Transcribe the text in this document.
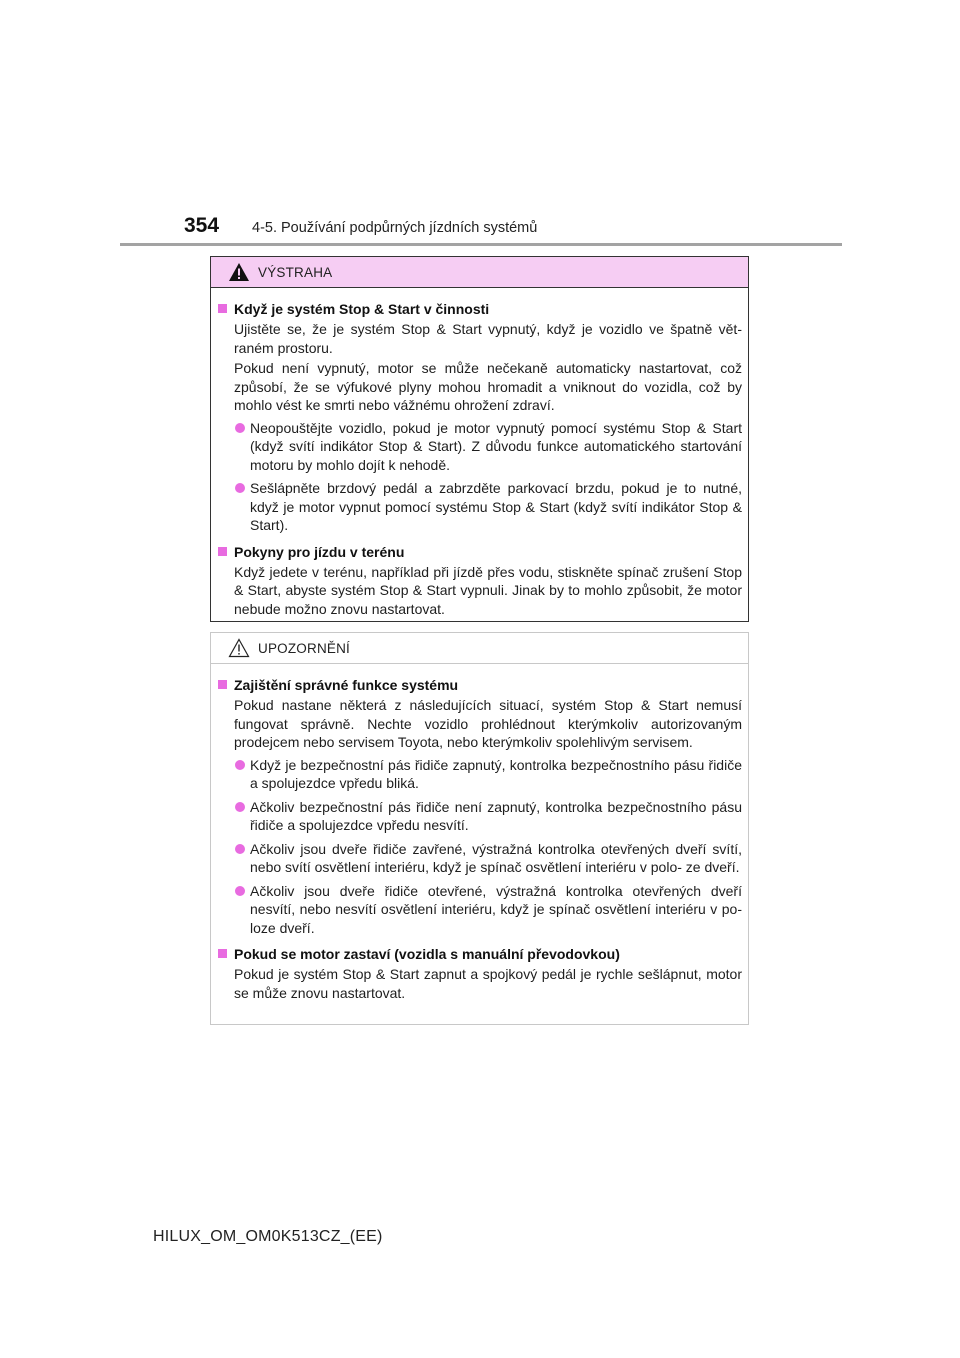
354 4-5. Používání podpůrných jízdních systémů
VÝSTRAHA
Když je systém Stop & Start v činnosti
Ujistěte se, že je systém Stop & Start vypnutý, když je vozidlo ve špatně vět- raném prostoru.
Pokud není vypnutý, motor se může nečekaně automaticky nastartovat, což způsobí, že se výfukové plyny mohou hromadit a vniknout do vozidla, což by mohlo vést ke smrti nebo vážnému ohrožení zdraví.
Neopouštějte vozidlo, pokud je motor vypnutý pomocí systému Stop & Start (když svítí indikátor Stop & Start). Z důvodu funkce automatického startování motoru by mohlo dojít k nehodě.
Sešlápněte brzdový pedál a zabrzděte parkovací brzdu, pokud je to nutné, když je motor vypnut pomocí systému Stop & Start (když svítí indikátor Stop & Start).
Pokyny pro jízdu v terénu
Když jedete v terénu, například při jízdě přes vodu, stiskněte spínač zrušení Stop & Start, abyste systém Stop & Start vypnuli. Jinak by to mohlo způsobit, že motor nebude možno znovu nastartovat.
UPOZORNĚNÍ
Zajištění správné funkce systému
Pokud nastane některá z následujících situací, systém Stop & Start nemusí fungovat správně. Nechte vozidlo prohlédnout kterýmkoliv autorizovaným prodejcem nebo servisem Toyota, nebo kterýmkoliv spolehlivým servisem.
Když je bezpečnostní pás řidiče zapnutý, kontrolka bezpečnostního pásu řidiče a spolujezdce vpředu bliká.
Ačkoliv bezpečnostní pás řidiče není zapnutý, kontrolka bezpečnostního pásu řidiče a spolujezdce vpředu nesvítí.
Ačkoliv jsou dveře řidiče zavřené, výstražná kontrolka otevřených dveří svítí, nebo svítí osvětlení interiéru, když je spínač osvětlení interiéru v polo- ze dveří.
Ačkoliv jsou dveře řidiče otevřené, výstražná kontrolka otevřených dveří nesvítí, nebo nesvítí osvětlení interiéru, když je spínač osvětlení interiéru v po- loze dveří.
Pokud se motor zastaví (vozidla s manuální převodovkou)
Pokud je systém Stop & Start zapnut a spojkový pedál je rychle sešlápnut, motor se může znovu nastartovat.
HILUX_OM_OM0K513CZ_(EE)
